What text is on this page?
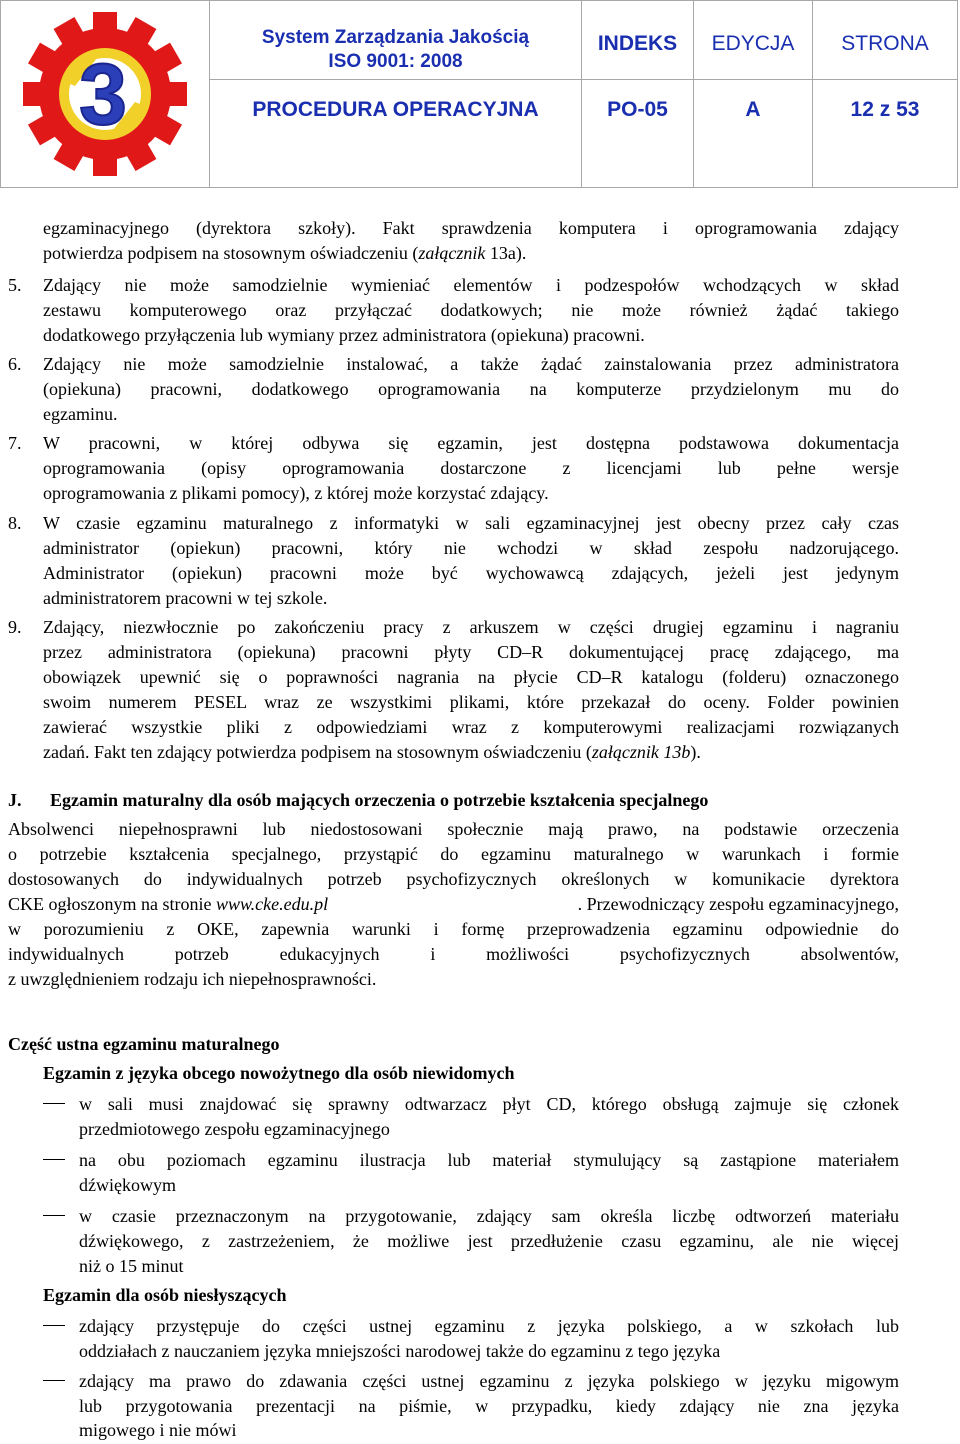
3
System Zarządzania Jakością
ISO 9001: 2008
PROCEDURA OPERACYJNA
INDEKS	EDYCJA	STRONA
PO-05	A	12 z 53
egzaminacyjnego (dyrektora szkoły). Fakt sprawdzenia komputera i oprogramowania zdający
potwierdza podpisem na stosownym oświadczeniu (załącznik 13a).
5. Zdający nie może samodzielnie wymieniać elementów i podzespołów wchodzących w skład
zestawu komputerowego oraz przyłączać dodatkowych; nie może również żądać takiego
dodatkowego przyłączenia lub wymiany przez administratora (opiekuna) pracowni.
6. Zdający nie może samodzielnie instalować, a także żądać zainstalowania przez administratora
(opiekuna) pracowni, dodatkowego oprogramowania na komputerze przydzielonym mu do
egzaminu.
7. W pracowni, w której odbywa się egzamin, jest dostępna podstawowa dokumentacja
oprogramowania (opisy oprogramowania dostarczone z licencjami lub pełne wersje
oprogramowania z plikami pomocy), z której może korzystać zdający.
8. W czasie egzaminu maturalnego z informatyki w sali egzaminacyjnej jest obecny przez cały czas
administrator (opiekun) pracowni, który nie wchodzi w skład zespołu nadzorującego.
Administrator (opiekun) pracowni może być wychowawcą zdających, jeżeli jest jedynym
administratorem pracowni w tej szkole.
9. Zdający, niezwłocznie po zakończeniu pracy z arkuszem w części drugiej egzaminu i nagraniu
przez administratora (opiekuna) pracowni płyty CD–R dokumentującej pracę zdającego, ma
obowiązek upewnić się o poprawności nagrania na płycie CD–R katalogu (folderu) oznaczonego
swoim numerem PESEL wraz ze wszystkimi plikami, które przekazał do oceny. Folder powinien
zawierać wszystkie pliki z odpowiedziami wraz z komputerowymi realizacjami rozwiązanych
zadań. Fakt ten zdający potwierdza podpisem na stosownym oświadczeniu (załącznik 13b).
J. Egzamin maturalny dla osób mających orzeczenia o potrzebie kształcenia specjalnego
Absolwenci niepełnosprawni lub niedostosowani społecznie mają prawo, na podstawie orzeczenia
o potrzebie kształcenia specjalnego, przystąpić do egzaminu maturalnego w warunkach i formie
dostosowanych do indywidualnych potrzeb psychofizycznych określonych w komunikacie dyrektora
CKE ogłoszonym na stronie www.cke.edu.pl	. Przewodniczący zespołu egzaminacyjnego,
w porozumieniu z OKE, zapewnia warunki i formę przeprowadzenia egzaminu odpowiednie do
indywidualnych potrzeb edukacyjnych i możliwości psychofizycznych absolwentów,
z uwzględnieniem rodzaju ich niepełnosprawności.
Część ustna egzaminu maturalnego
Egzamin z języka obcego nowożytnego dla osób niewidomych
w sali musi znajdować się sprawny odtwarzacz płyt CD, którego obsługą zajmuje się członek
przedmiotowego zespołu egzaminacyjnego
na obu poziomach egzaminu ilustracja lub materiał stymulujący są zastąpione materiałem
dźwiękowym
w czasie przeznaczonym na przygotowanie, zdający sam określa liczbę odtworzeń materiału
dźwiękowego, z zastrzeżeniem, że możliwe jest przedłużenie czasu egzaminu, ale nie więcej
niż o 15 minut
Egzamin dla osób niesłyszących
zdający przystępuje do części ustnej egzaminu z języka polskiego, a w szkołach lub
oddziałach z nauczaniem języka mniejszości narodowej także do egzaminu z tego języka
zdający ma prawo do zdawania części ustnej egzaminu z języka polskiego w języku migowym
lub przygotowania prezentacji na piśmie, w przypadku, kiedy zdający nie zna języka
migowego i nie mówi
